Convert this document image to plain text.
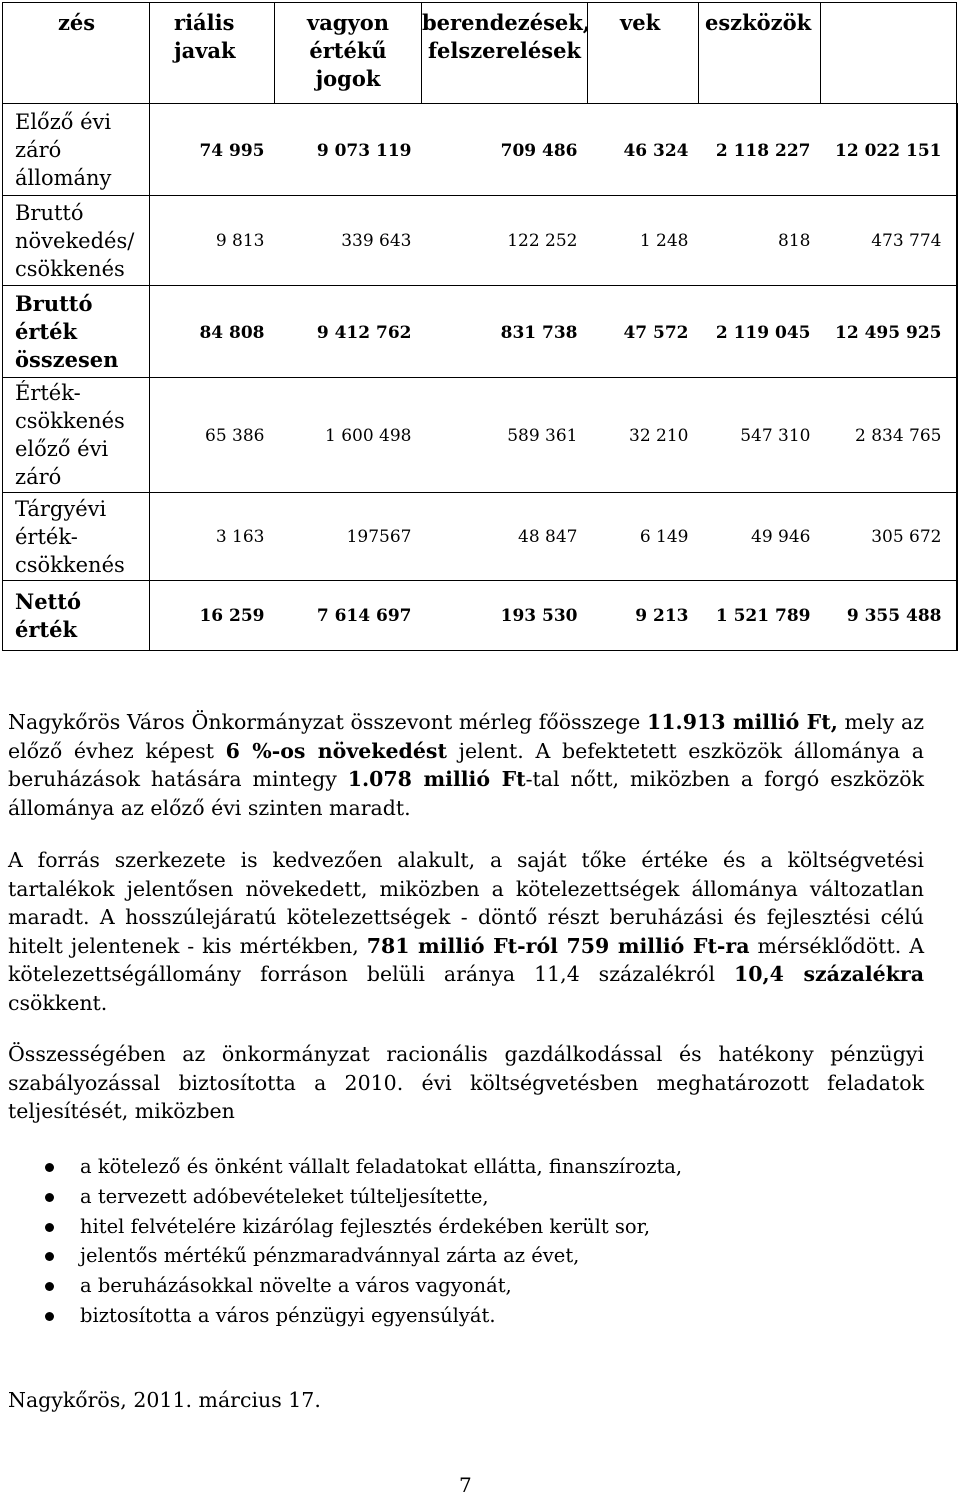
zés	riális javak	vagyon értékű jogok	berendezések, felszerelések	vek	eszközök	
Előző évi záró állomány	74 995	9 073 119	709 486	46 324	2 118 227	12 022 151
Bruttó növekedés/ csökkenés	9 813	339 643	122 252	1 248	818	473 774
Bruttó érték összesen	84 808	9 412 762	831 738	47 572	2 119 045	12 495 925
Érték-csökkenés előző évi záró	65 386	1 600 498	589 361	32 210	547 310	2 834 765
Tárgyévi érték-csökkenés	3 163	197567	48 847	6 149	49 946	305 672
Nettó érték	16 259	7 614 697	193 530	9 213	1 521 789	9 355 488

Nagykőrös Város Önkormányzat összevont mérleg főösszege 11.913 millió Ft, mely az előző évhez képest 6 %-os növekedést jelent. A befektetett eszközök állománya a beruházások hatására mintegy 1.078 millió Ft-tal nőtt, miközben a forgó eszközök állománya az előző évi szinten maradt.

A forrás szerkezete is kedvezően alakult, a saját tőke értéke és a költségvetési tartalékok jelentősen növekedett, miközben a kötelezettségek állománya változatlan maradt. A hosszúlejáratú kötelezettségek - döntő részt beruházási és fejlesztési célú hitelt jelentenek - kis mértékben, 781 millió Ft-ról 759 millió Ft-ra mérséklődött. A kötelezettségállomány forráson belüli aránya 11,4 százalékról 10,4 százalékra csökkent.

Összességében az önkormányzat racionális gazdálkodással és hatékony pénzügyi szabályozással biztosította a 2010. évi költségvetésben meghatározott feladatok teljesítését, miközben

a kötelező és önként vállalt feladatokat ellátta, finanszírozta,
a tervezett adóbevételeket túlteljesítette,
hitel felvételére kizárólag fejlesztés érdekében került sor,
jelentős mértékű pénzmaradvánnyal zárta az évet,
a beruházásokkal növelte a város vagyonát,
biztosította a város pénzügyi egyensúlyát.
Nagykőrös, 2011. március 17.
7
